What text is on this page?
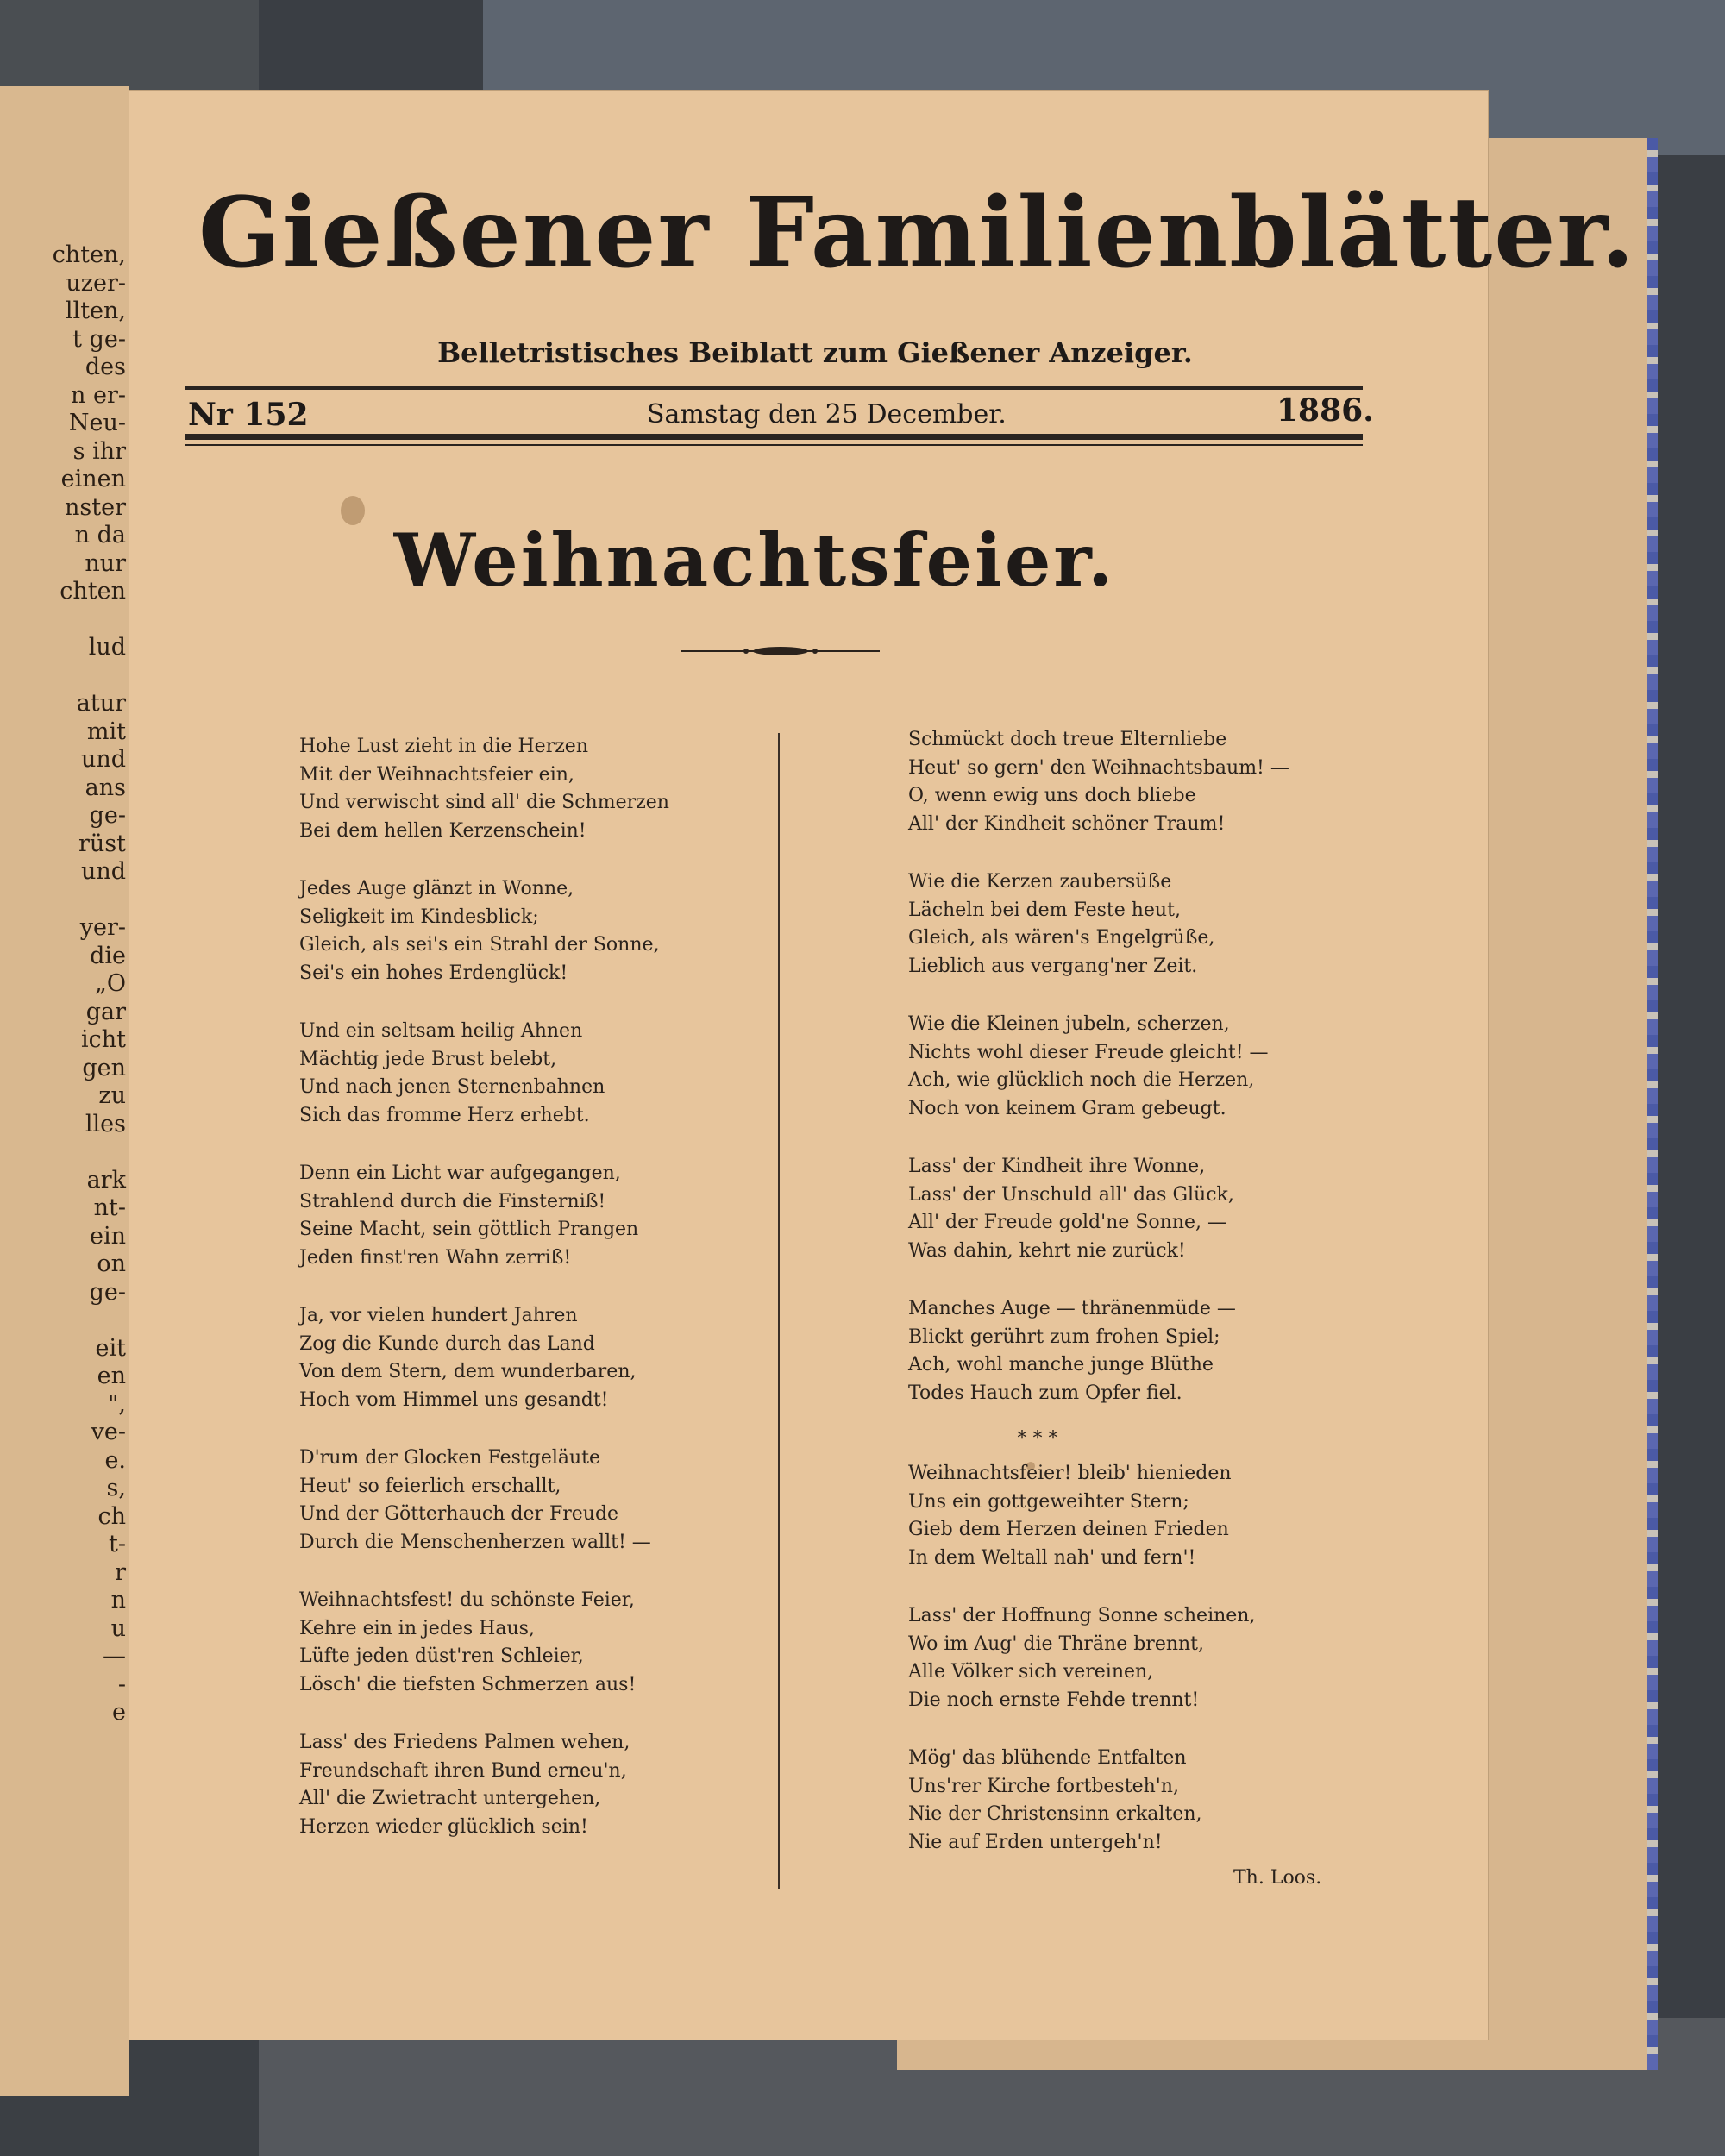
chten,
uzer-
llten,
t ge-
des
n er-
Neu-
s ihr
einen
nster
n da
nur
chten

lud

atur
mit
und
ans
ge-
rüst
und

yer-
die
„O
gar
icht
gen
zu
lles

ark
nt-
ein
on
ge-

eit
en
",
ve-
e.
s,
ch
t-
r
n
u
—
-
e
Gießener Familienblätter.
Belletristisches Beiblatt zum Gießener Anzeiger.
Nr 152	Samstag den 25 December.	1886.
Weihnachtsfeier.
Hohe Lust zieht in die Herzen
Mit der Weihnachtsfeier ein,
Und verwischt sind all' die Schmerzen
Bei dem hellen Kerzenschein!
Jedes Auge glänzt in Wonne,
Seligkeit im Kindesblick;
Gleich, als sei's ein Strahl der Sonne,
Sei's ein hohes Erdenglück!
Und ein seltsam heilig Ahnen
Mächtig jede Brust belebt,
Und nach jenen Sternenbahnen
Sich das fromme Herz erhebt.
Denn ein Licht war aufgegangen,
Strahlend durch die Finsterniß!
Seine Macht, sein göttlich Prangen
Jeden finst'ren Wahn zerriß!
Ja, vor vielen hundert Jahren
Zog die Kunde durch das Land
Von dem Stern, dem wunderbaren,
Hoch vom Himmel uns gesandt!
D'rum der Glocken Festgeläute
Heut' so feierlich erschallt,
Und der Götterhauch der Freude
Durch die Menschenherzen wallt! —
Weihnachtsfest! du schönste Feier,
Kehre ein in jedes Haus,
Lüfte jeden düst'ren Schleier,
Lösch' die tiefsten Schmerzen aus!
Lass' des Friedens Palmen wehen,
Freundschaft ihren Bund erneu'n,
All' die Zwietracht untergehen,
Herzen wieder glücklich sein!
Schmückt doch treue Elternliebe
Heut' so gern' den Weihnachtsbaum! —
O, wenn ewig uns doch bliebe
All' der Kindheit schöner Traum!
Wie die Kerzen zaubersüße
Lächeln bei dem Feste heut,
Gleich, als wären's Engelgrüße,
Lieblich aus vergang'ner Zeit.
Wie die Kleinen jubeln, scherzen,
Nichts wohl dieser Freude gleicht! —
Ach, wie glücklich noch die Herzen,
Noch von keinem Gram gebeugt.
Lass' der Kindheit ihre Wonne,
Lass' der Unschuld all' das Glück,
All' der Freude gold'ne Sonne, —
Was dahin, kehrt nie zurück!
Manches Auge — thränenmüde —
Blickt gerührt zum frohen Spiel;
Ach, wohl manche junge Blüthe
Todes Hauch zum Opfer fiel.
* * *
Weihnachtsfeier! bleib' hienieden
Uns ein gottgeweihter Stern;
Gieb dem Herzen deinen Frieden
In dem Weltall nah' und fern'!
Lass' der Hoffnung Sonne scheinen,
Wo im Aug' die Thräne brennt,
Alle Völker sich vereinen,
Die noch ernste Fehde trennt!
Mög' das blühende Entfalten
Uns'rer Kirche fortbesteh'n,
Nie der Christensinn erkalten,
Nie auf Erden untergeh'n!
Th. Loos.
